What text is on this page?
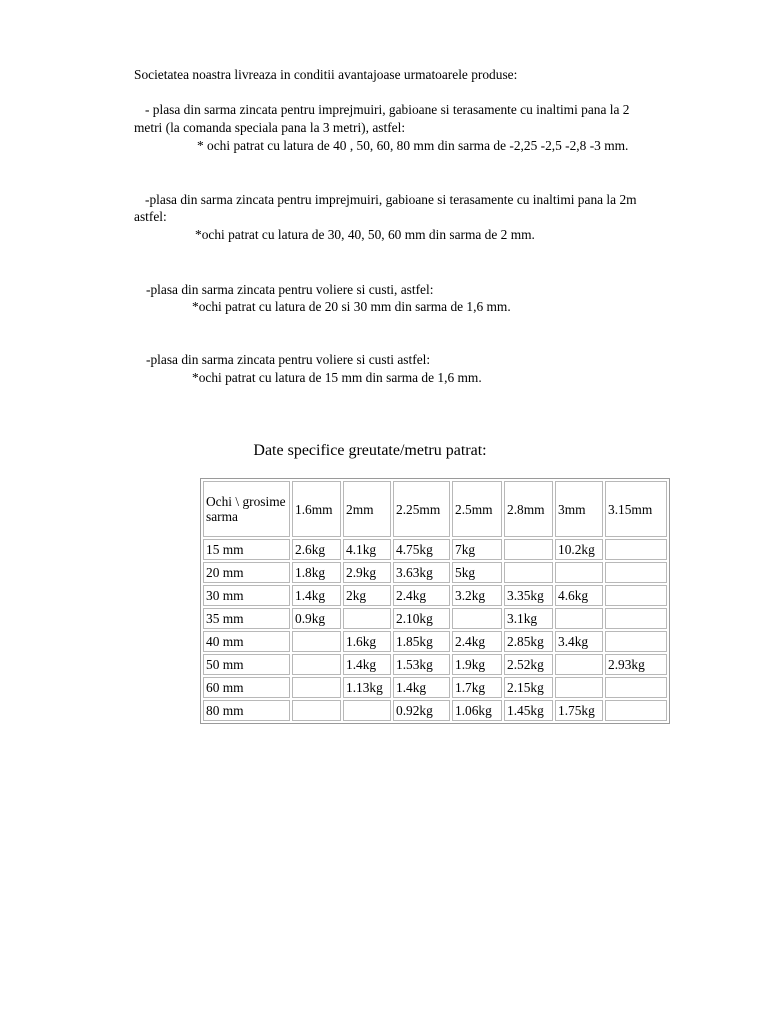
Societatea noastra livreaza in conditii avantajoase urmatoarele produse:
- plasa din sarma zincata pentru imprejmuiri, gabioane si terasamente cu inaltimi pana la 2
metri (la comanda speciala pana la 3 metri), astfel:
* ochi patrat cu latura de 40 , 50, 60, 80 mm din sarma de -2,25 -2,5 -2,8 -3 mm.
-plasa din sarma zincata pentru imprejmuiri, gabioane si terasamente cu inaltimi pana la 2m
astfel:
*ochi patrat cu latura de 30, 40, 50, 60 mm din sarma de 2 mm.
-plasa din sarma zincata pentru voliere si custi, astfel:
*ochi patrat cu latura de 20 si 30 mm din sarma de 1,6 mm.
-plasa din sarma zincata pentru voliere si custi astfel:
*ochi patrat cu latura de 15 mm din sarma de 1,6 mm.
Date specifice greutate/metru patrat:
Ochi \ grosime sarma	1.6mm	2mm	2.25mm	2.5mm	2.8mm	3mm	3.15mm
15 mm	2.6kg	4.1kg	4.75kg	7kg		10.2kg	
20 mm	1.8kg	2.9kg	3.63kg	5kg			
30 mm	1.4kg	2kg	2.4kg	3.2kg	3.35kg	4.6kg	
35 mm	0.9kg		2.10kg		3.1kg		
40 mm		1.6kg	1.85kg	2.4kg	2.85kg	3.4kg	
50 mm		1.4kg	1.53kg	1.9kg	2.52kg		2.93kg
60 mm		1.13kg	1.4kg	1.7kg	2.15kg		
80 mm			0.92kg	1.06kg	1.45kg	1.75kg	
